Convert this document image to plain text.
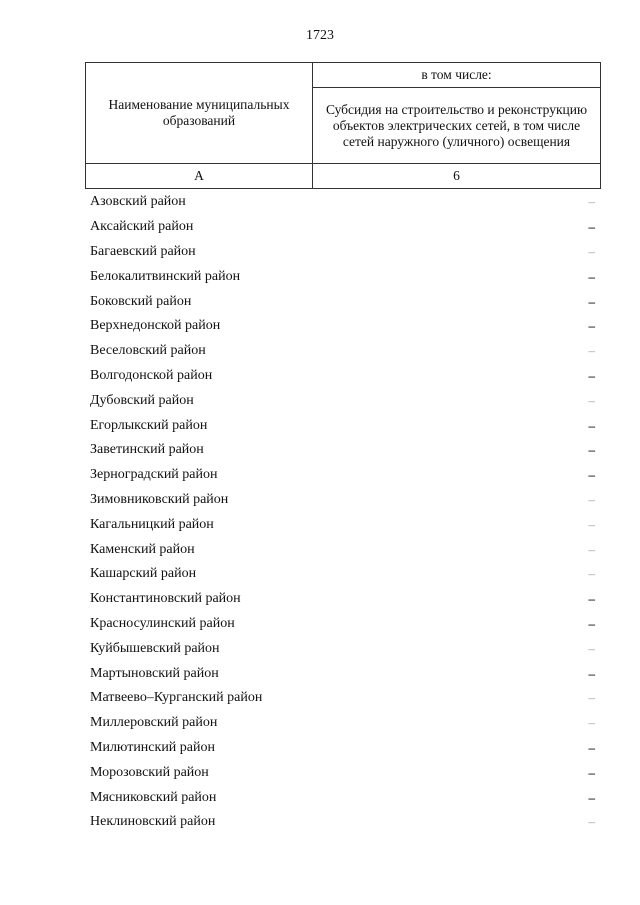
1723
Наименование муниципальных образований	в том числе:
	Субсидия на строительство и реконструкцию объектов электрических сетей, в том числе сетей наружного (уличного) освещения
А	6
Азовский район	–
Аксайский район	–
Багаевский район	–
Белокалитвинский район	–
Боковский район	–
Верхнедонской район	–
Веселовский район	–
Волгодонской район	–
Дубовский район	–
Егорлыкский район	–
Заветинский район	–
Зерноградский район	–
Зимовниковский район	–
Кагальницкий район	–
Каменский район	–
Кашарский район	–
Константиновский район	–
Красносулинский район	–
Куйбышевский район	–
Мартыновский район	–
Матвеево–Курганский район	–
Миллеровский район	–
Милютинский район	–
Морозовский район	–
Мясниковский район	–
Неклиновский район	–
